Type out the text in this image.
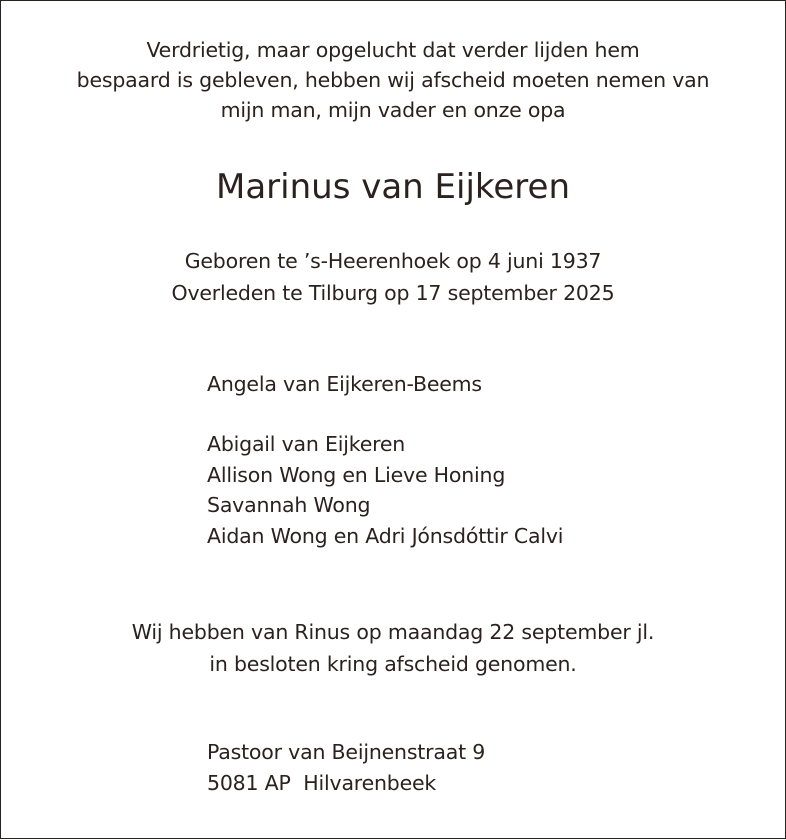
Verdrietig, maar opgelucht dat verder lijden hem
bespaard is gebleven, hebben wij afscheid moeten nemen van
mijn man, mijn vader en onze opa

Marinus van Eijkeren

Geboren te ’s-Heerenhoek op 4 juni 1937
Overleden te Tilburg op 17 september 2025

Angela van Eijkeren-Beems

Abigail van Eijkeren
Allison Wong en Lieve Honing
Savannah Wong
Aidan Wong en Adri Jónsdóttir Calvi

Wij hebben van Rinus op maandag 22 september jl.
in besloten kring afscheid genomen.

Pastoor van Beijnenstraat 9
5081 AP  Hilvarenbeek
